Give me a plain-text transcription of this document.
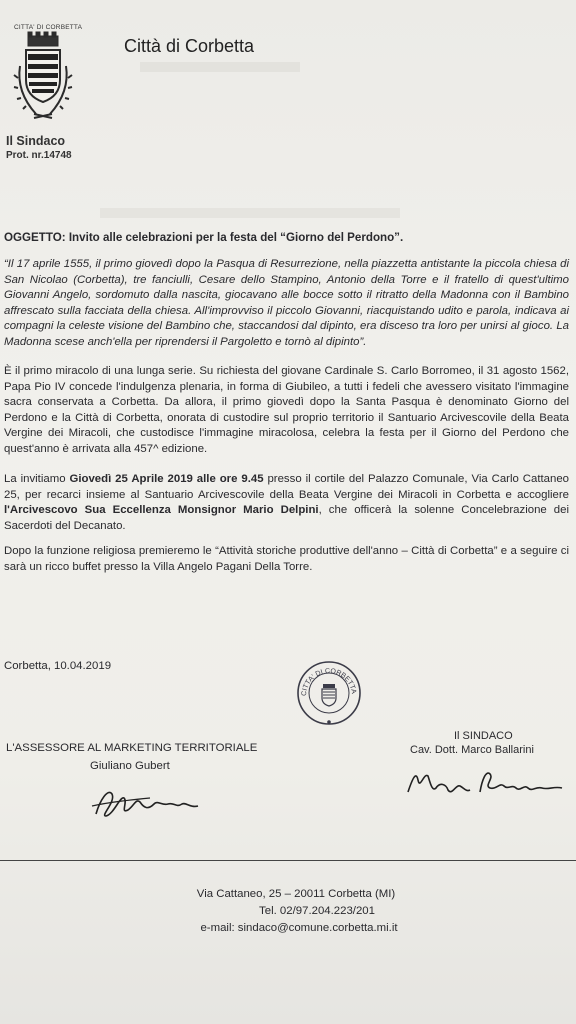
CITTA' DI CORBETTA
Città di Corbetta
Il Sindaco
Prot. nr.14748
OGGETTO: Invito alle celebrazioni per la festa del “Giorno del Perdono”.
“Il 17 aprile 1555, il primo giovedì dopo la Pasqua di Resurrezione, nella piazzetta antistante la piccola chiesa di San Nicolao (Corbetta), tre fanciulli, Cesare dello Stampino, Antonio della Torre e il fratello di quest'ultimo Giovanni Angelo, sordomuto dalla nascita, giocavano alle bocce sotto il ritratto della Madonna con il Bambino affrescato sulla facciata della chiesa. All'improvviso il piccolo Giovanni, riacquistando udito e parola, indicava ai compagni la celeste visione del Bambino che, staccandosi dal dipinto, era disceso tra loro per unirsi al gioco. La Madonna scese anch'ella per riprendersi il Pargoletto e tornò al dipinto”.
È il primo miracolo di una lunga serie. Su richiesta del giovane Cardinale S. Carlo Borromeo, il 31 agosto 1562, Papa Pio IV concede l'indulgenza plenaria, in forma di Giubileo, a tutti i fedeli che avessero visitato l'immagine sacra conservata a Corbetta. Da allora, il primo giovedì dopo la Santa Pasqua è denominato Giorno del Perdono e la Città di Corbetta, onorata di custodire sul proprio territorio il Santuario Arcivescovile della Beata Vergine dei Miracoli, che custodisce l'immagine miracolosa, celebra la festa per il Giorno del Perdono che quest'anno è arrivata alla 457^ edizione.
La invitiamo Giovedì 25 Aprile 2019 alle ore 9.45 presso il cortile del Palazzo Comunale, Via Carlo Cattaneo 25, per recarci insieme al Santuario Arcivescovile della Beata Vergine dei Miracoli in Corbetta e accogliere l'Arcivescovo Sua Eccellenza Monsignor Mario Delpini, che officerà la solenne Concelebrazione dei Sacerdoti del Decanato.
Dopo la funzione religiosa premieremo le “Attività storiche produttive dell'anno – Città di Corbetta” e a seguire ci sarà un ricco buffet presso la Villa Angelo Pagani Della Torre.
Corbetta, 10.04.2019
CITTA' DI CORBETTA
L'ASSESSORE AL MARKETING TERRITORIALE
Giuliano Gubert
Il SINDACO
Cav. Dott. Marco Ballarini
Via Cattaneo, 25 – 20011 Corbetta (MI)
Tel. 02/97.204.223/201
e-mail: sindaco@comune.corbetta.mi.it
